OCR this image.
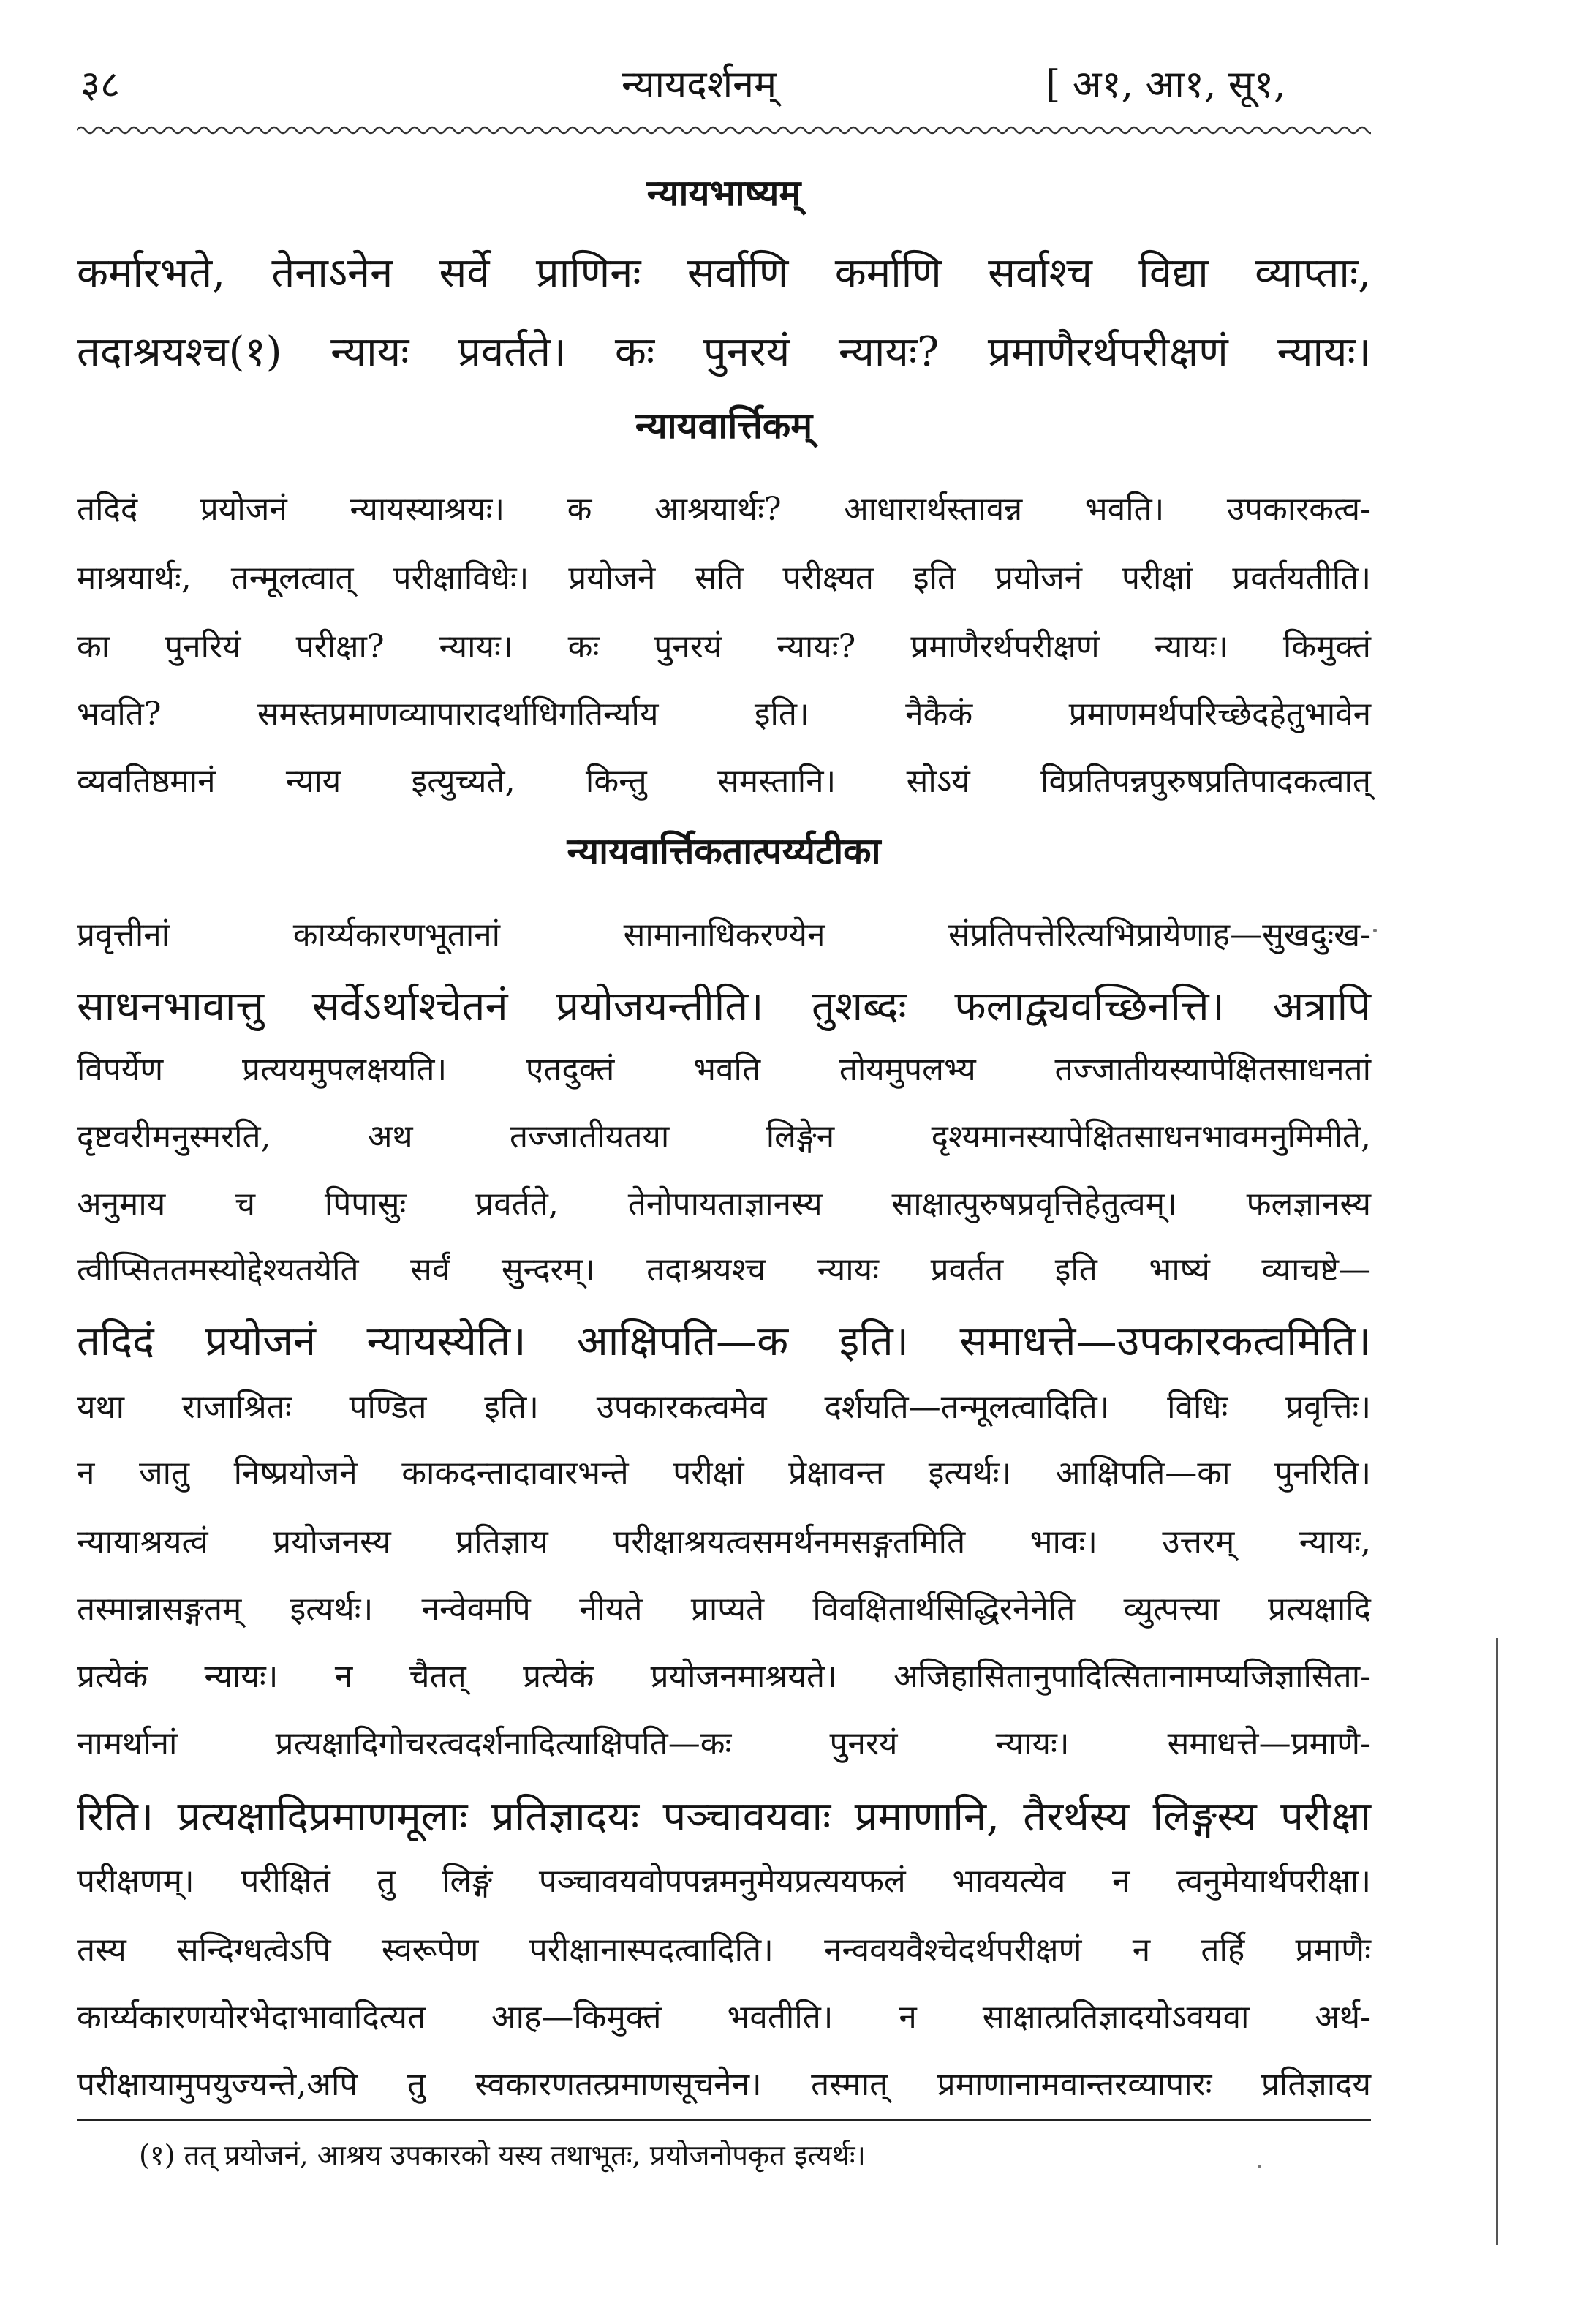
३८	न्यायदर्शनम्	[ अ१, आ१, सू१,
न्यायभाष्यम्
कर्मारभते, तेनाऽनेन सर्वे प्राणिनः सर्वाणि कर्माणि सर्वाश्च विद्या व्याप्ताः,
तदाश्रयश्च(१) न्यायः प्रवर्तते। कः पुनरयं न्यायः? प्रमाणैरर्थपरीक्षणं न्यायः।
न्यायवार्त्तिकम्
तदिदं प्रयोजनं न्यायस्याश्रयः। क आश्रयार्थः? आधारार्थस्तावन्न भवति। उपकारकत्व-
माश्रयार्थः, तन्मूलत्वात् परीक्षाविधेः। प्रयोजने सति परीक्ष्यत इति प्रयोजनं परीक्षां प्रवर्तयतीति।
का पुनरियं परीक्षा? न्यायः। कः पुनरयं न्यायः? प्रमाणैरर्थपरीक्षणं न्यायः। किमुक्तं
भवति? समस्तप्रमाणव्यापारादर्थाधिगतिर्न्याय इति। नैकैकं प्रमाणमर्थपरिच्छेदहेतुभावेन
व्यवतिष्ठमानं न्याय इत्युच्यते, किन्तु समस्तानि। सोऽयं विप्रतिपन्नपुरुषप्रतिपादकत्वात्
न्यायवार्त्तिकतात्पर्य्यटीका
प्रवृत्तीनां कार्य्यकारणभूतानां सामानाधिकरण्येन संप्रतिपत्तेरित्यभिप्रायेणाह—सुखदुःख-
साधनभावात्तु सर्वेऽर्थाश्चेतनं प्रयोजयन्तीति। तुशब्दः फलाद्व्यवच्छिनत्ति। अत्रापि
विपर्येण प्रत्ययमुपलक्षयति। एतदुक्तं भवति तोयमुपलभ्य तज्जातीयस्यापेक्षितसाधनतां
दृष्टवरीमनुस्मरति, अथ तज्जातीयतया लिङ्गेन दृश्यमानस्यापेक्षितसाधनभावमनुमिमीते,
अनुमाय च पिपासुः प्रवर्तते, तेनोपायताज्ञानस्य साक्षात्पुरुषप्रवृत्तिहेतुत्वम्। फलज्ञानस्य
त्वीप्सिततमस्योद्देश्यतयेति सर्वं सुन्दरम्। तदाश्रयश्च न्यायः प्रवर्तत इति भाष्यं व्याचष्टे—
तदिदं प्रयोजनं न्यायस्येति। आक्षिपति—क इति। समाधत्ते—उपकारकत्वमिति।
यथा राजाश्रितः पण्डित इति। उपकारकत्वमेव दर्शयति—तन्मूलत्वादिति। विधिः प्रवृत्तिः।
न जातु निष्प्रयोजने काकदन्तादावारभन्ते परीक्षां प्रेक्षावन्त इत्यर्थः। आक्षिपति—का पुनरिति।
न्यायाश्रयत्वं प्रयोजनस्य प्रतिज्ञाय परीक्षाश्रयत्वसमर्थनमसङ्गतमिति भावः। उत्तरम् न्यायः,
तस्मान्नासङ्गतम् इत्यर्थः। नन्वेवमपि नीयते प्राप्यते विवक्षितार्थसिद्धिरनेनेति व्युत्पत्त्या प्रत्यक्षादि
प्रत्येकं न्यायः। न चैतत् प्रत्येकं प्रयोजनमाश्रयते। अजिहासितानुपादित्सितानामप्यजिज्ञासिता-
नामर्थानां प्रत्यक्षादिगोचरत्वदर्शनादित्याक्षिपति—कः पुनरयं न्यायः। समाधत्ते—प्रमाणै-
रिति। प्रत्यक्षादिप्रमाणमूलाः प्रतिज्ञादयः पञ्चावयवाः प्रमाणानि, तैरर्थस्य लिङ्गस्य परीक्षा
परीक्षणम्। परीक्षितं तु लिङ्गं पञ्चावयवोपपन्नमनुमेयप्रत्ययफलं भावयत्येव न त्वनुमेयार्थपरीक्षा।
तस्य सन्दिग्धत्वेऽपि स्वरूपेण परीक्षानास्पदत्वादिति। नन्ववयवैश्चेदर्थपरीक्षणं न तर्हि प्रमाणैः
कार्य्यकारणयोरभेदाभावादित्यत आह—किमुक्तं भवतीति। न साक्षात्प्रतिज्ञादयोऽवयवा अर्थ-
परीक्षायामुपयुज्यन्ते,अपि तु स्वकारणतत्प्रमाणसूचनेन। तस्मात् प्रमाणानामवान्तरव्यापारः प्रतिज्ञादय
(१) तत् प्रयोजनं, आश्रय उपकारको यस्य तथाभूतः, प्रयोजनोपकृत इत्यर्थः।
